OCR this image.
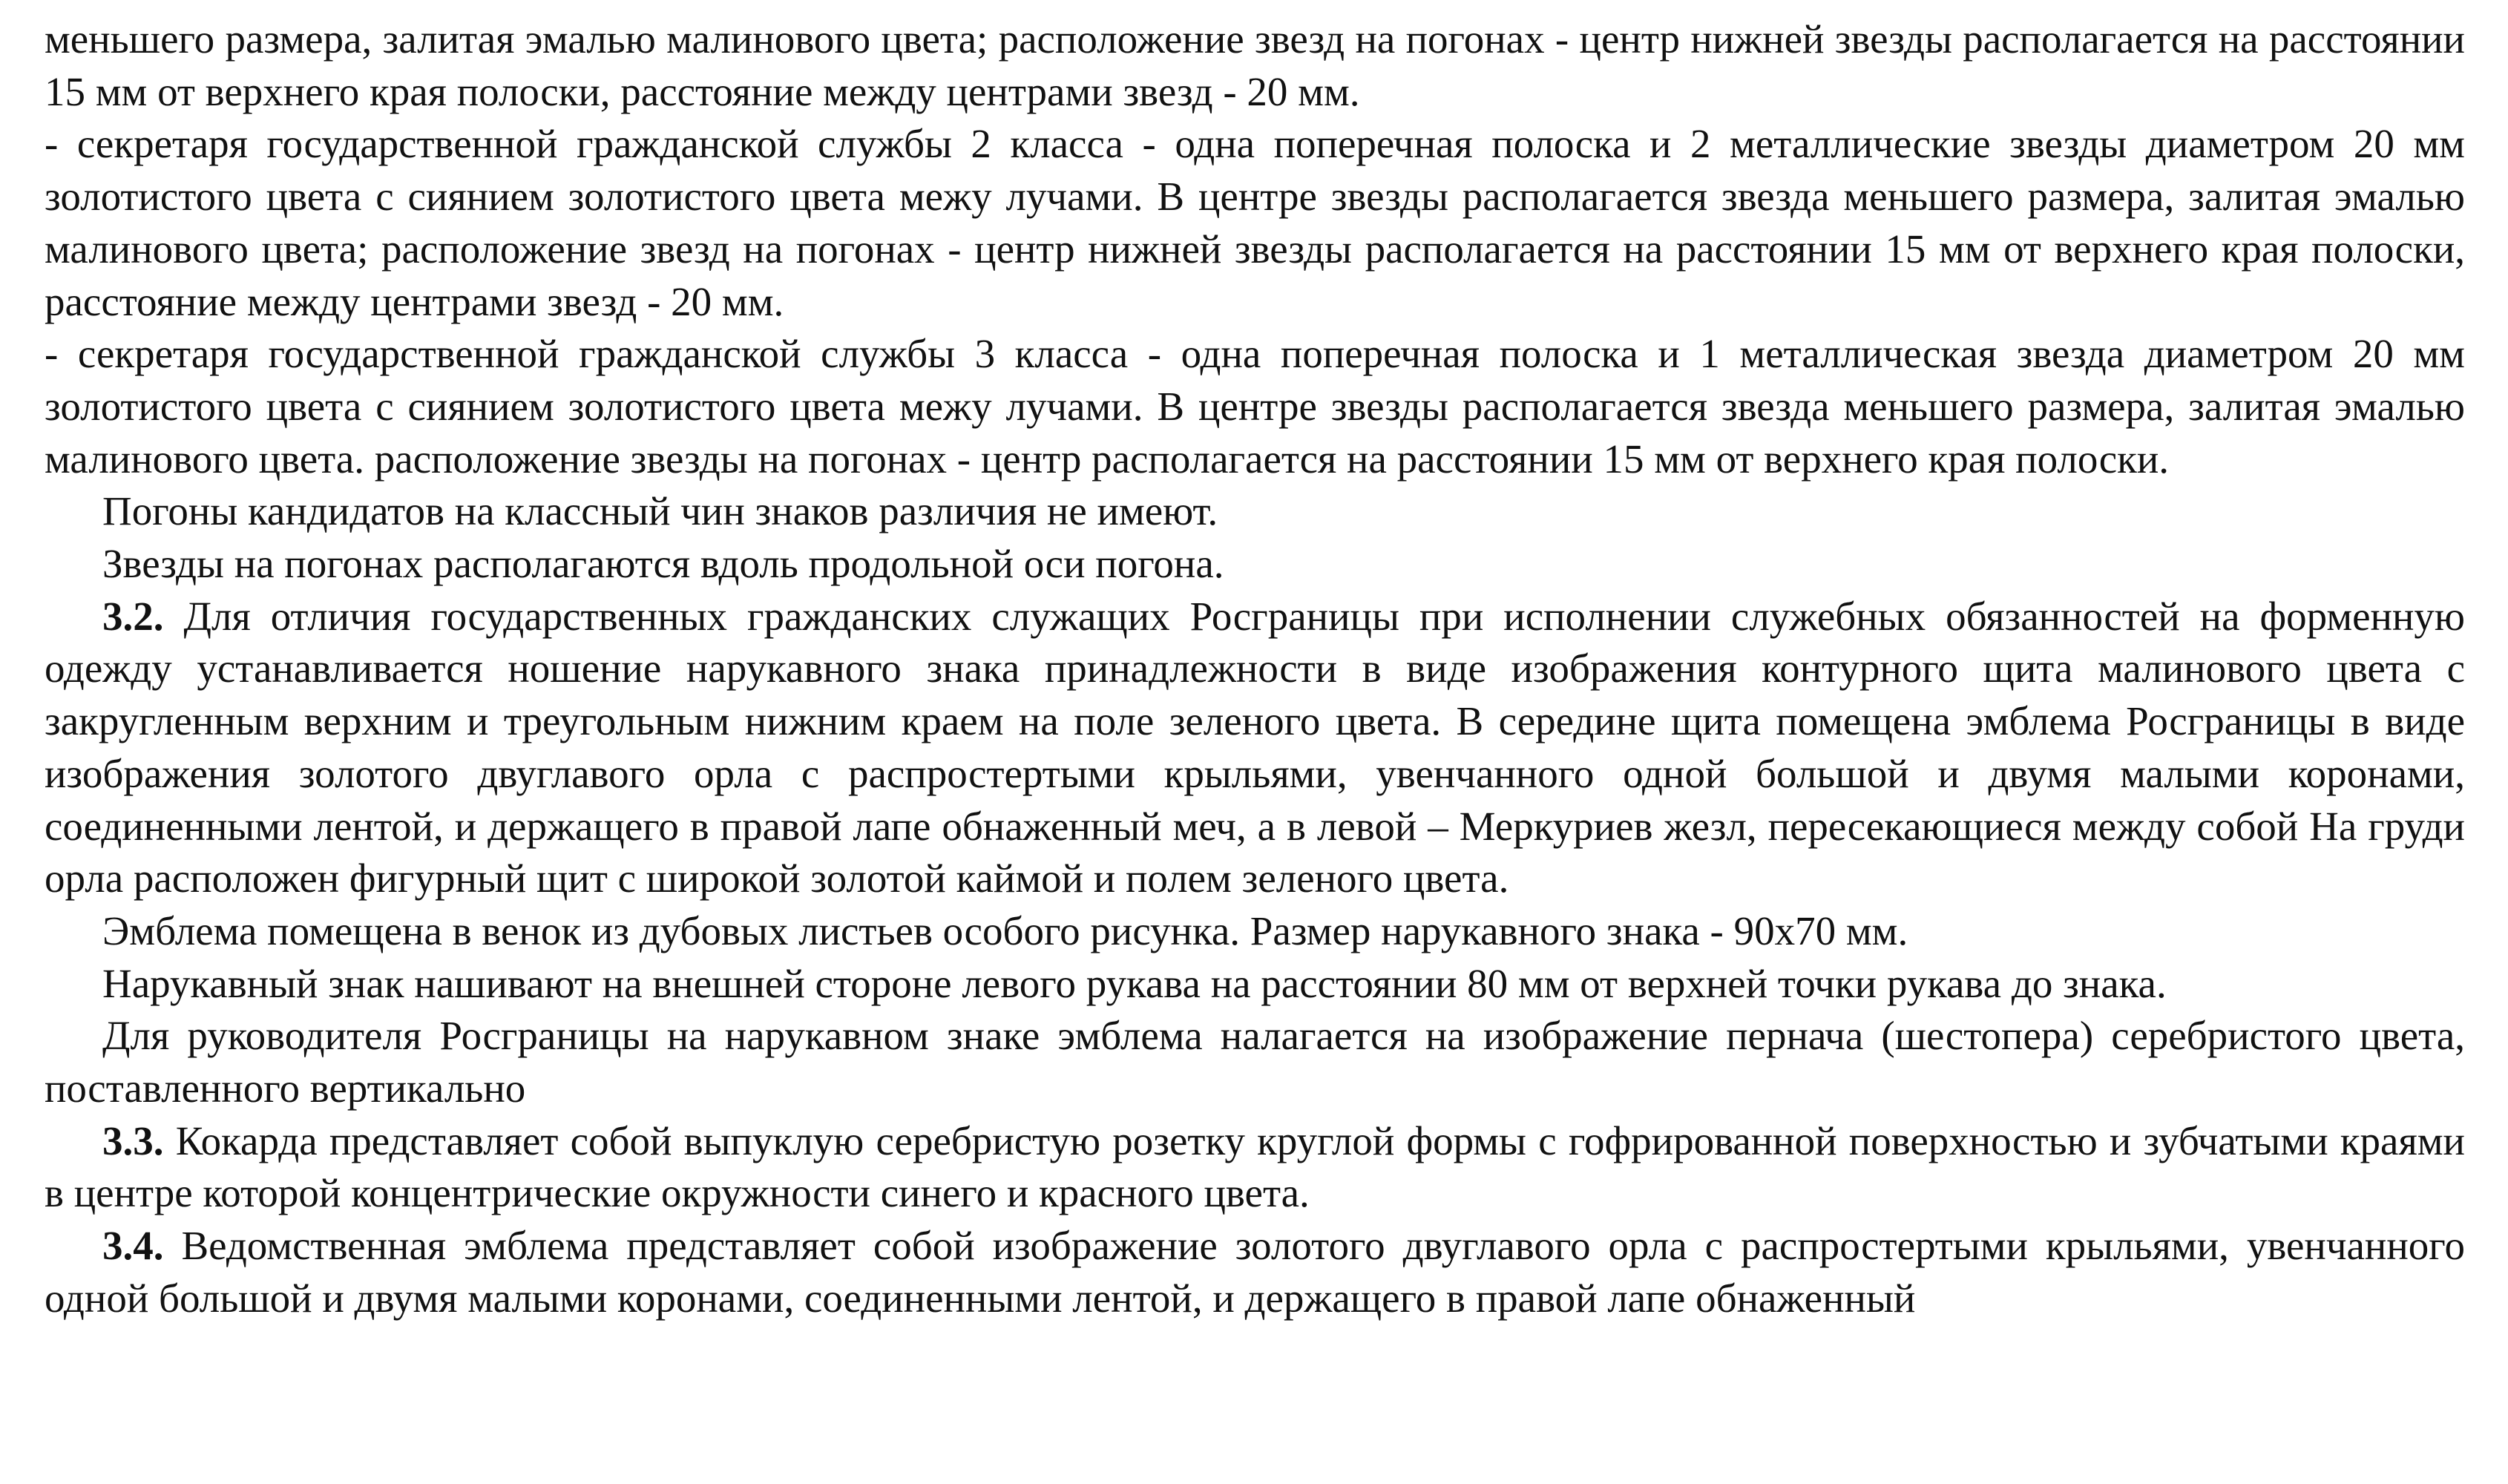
меньшего размера, залитая эмалью малинового цвета; расположение звезд на погонах - центр нижней звезды располагается на расстоянии 15 мм от верхнего края полоски, расстояние между центрами звезд - 20 мм.

- секретаря государственной гражданской службы 2 класса - одна поперечная полоска и 2 металлические звезды диаметром 20 мм золотистого цвета с сиянием золотистого цвета межу лучами. В центре звезды располагается звезда меньшего размера, залитая эмалью малинового цвета; расположение звезд на погонах - центр нижней звезды располагается на расстоянии 15 мм от верхнего края полоски, расстояние между центрами звезд - 20 мм.

- секретаря государственной гражданской службы 3 класса - одна поперечная полоска и 1 металлическая звезда диаметром 20 мм золотистого цвета с сиянием золотистого цвета межу лучами. В центре звезды располагается звезда меньшего размера, залитая эмалью малинового цвета. расположение звезды на погонах - центр располагается на расстоянии 15 мм от верхнего края полоски.

Погоны кандидатов на классный чин знаков различия не имеют.

Звезды на погонах располагаются вдоль продольной оси погона.

3.2. Для отличия государственных гражданских служащих Росграницы при исполнении служебных обязанностей на форменную одежду устанавливается ношение нарукавного знака принадлежности в виде изображения контурного щита малинового цвета с закругленным верхним и треугольным нижним краем на поле зеленого цвета. В середине щита помещена эмблема Росграницы в виде изображения золотого двуглавого орла с распростертыми крыльями, увенчанного одной большой и двумя малыми коронами, соединенными лентой, и держащего в правой лапе обнаженный меч, а в левой – Меркуриев жезл, пересекающиеся между собой На груди орла расположен фигурный щит с широкой золотой каймой и полем зеленого цвета.

Эмблема помещена в венок из дубовых листьев особого рисунка. Размер нарукавного знака - 90х70 мм.

Нарукавный знак нашивают на внешней стороне левого рукава на расстоянии 80 мм от верхней точки рукава до знака.

Для руководителя Росграницы на нарукавном знаке эмблема налагается на изображение пернача (шестопера) серебристого цвета, поставленного вертикально

3.3. Кокарда представляет собой выпуклую серебристую розетку круглой формы с гофрированной поверхностью и зубчатыми краями в центре которой концентрические окружности синего и красного цвета.

3.4. Ведомственная эмблема представляет собой изображение золотого двуглавого орла с распростертыми крыльями, увенчанного одной большой и двумя малыми коронами, соединенными лентой, и держащего в правой лапе обнаженный
